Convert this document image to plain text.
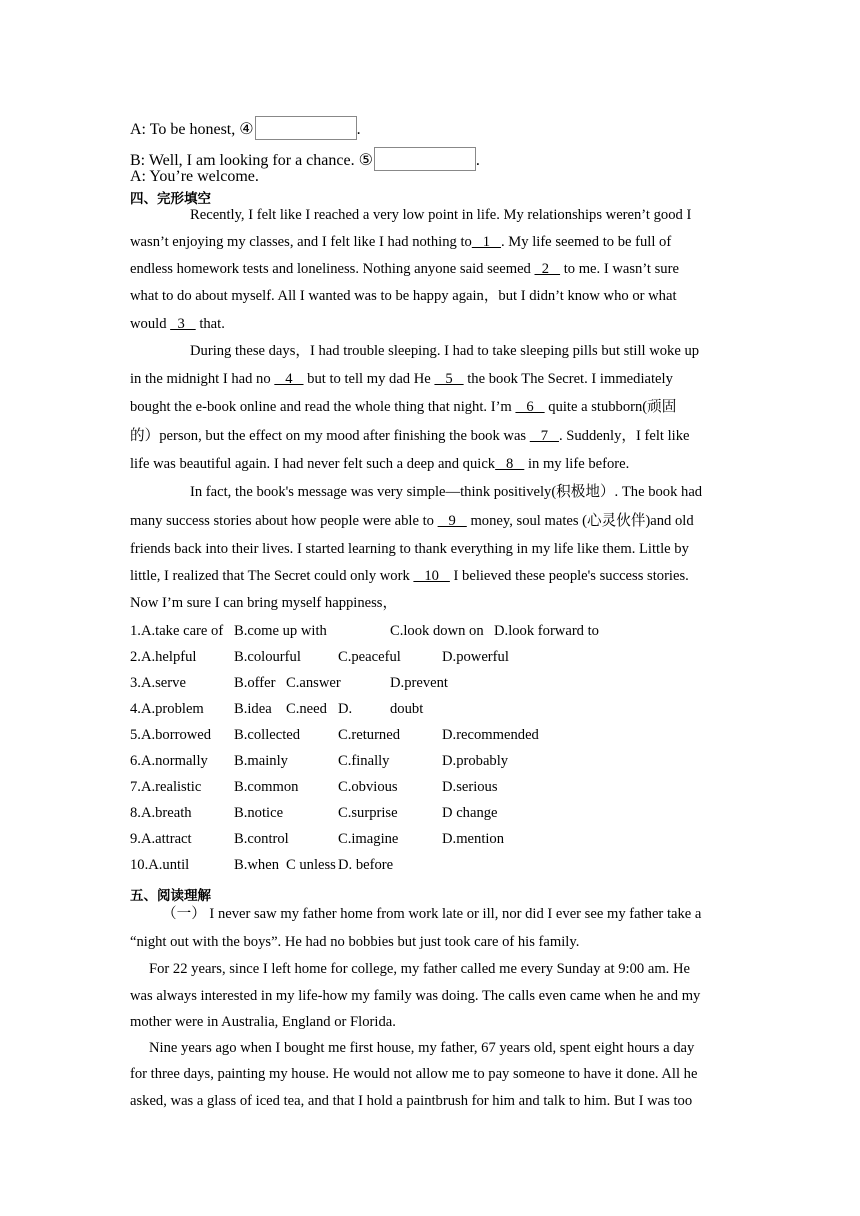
A: To be honest, ④	.
B: Well, I am looking for a chance. ⑤	.
A: You’re welcome.
四、完形填空
Recently, I felt like I reached a very low point in life. My relationships weren’t good I
wasn’t enjoying my classes, and I felt like I had nothing to   1   . My life seemed to be full of
endless homework tests and loneliness. Nothing anyone said seemed   2    to me. I wasn’t sure
what to do about myself. All I wanted was to be happy again，but I didn’t know who or what
would   3    that.
During these days，I had trouble sleeping. I had to take sleeping pills but still woke up
in the midnight I had no    4    but to tell my dad He    5    the book The Secret. I immediately
bought the e-book online and read the whole thing that night. I’m    6    quite a stubborn(顽固
的）person, but the effect on my mood after finishing the book was    7   . Suddenly，I felt like
life was beautiful again. I had never felt such a deep and quick   8    in my life before.
In fact, the book's message was very simple—think positively(积极地）. The book had
many success stories about how people were able to    9    money, soul mates (心灵伙伴)and old
friends back into their lives. I started learning to thank everything in my life like them. Little by
little, I realized that The Secret could only work    10    I believed these people's success stories.
Now I’m sure I can bring myself happiness，
1.A.take care of B.come up with	C.look down on D.look forward to
2.A.helpful	B.colourful	C.peaceful	D.powerful
3.A.serve	B.offer C.answer	D.prevent
4.A.problem B.idea C.need D.	doubt
5.A.borrowed B.collected	C.returned	D.recommended
6.A.normally B.mainly	C.finally	D.probably
7.A.realistic B.common	C.obvious	D.serious
8.A.breath	B.notice	C.surprise	D change
9.A.attract	B.control	C.imagine	D.mention
10.A.until	B.when C unless D. before
五、阅读理解
（一） I never saw my father home from work late or ill, nor did I ever see my father take a
“night out with the boys”. He had no bobbies but just took care of his family.
For 22 years, since I left home for college, my father called me every Sunday at 9:00 am. He
was always interested in my life-how my family was doing. The calls even came when he and my
mother were in Australia, England or Florida.
Nine years ago when I bought me first house, my father, 67 years old, spent eight hours a day
for three days, painting my house. He would not allow me to pay someone to have it done. All he
asked, was a glass of iced tea, and that I hold a paintbrush for him and talk to him. But I was too
